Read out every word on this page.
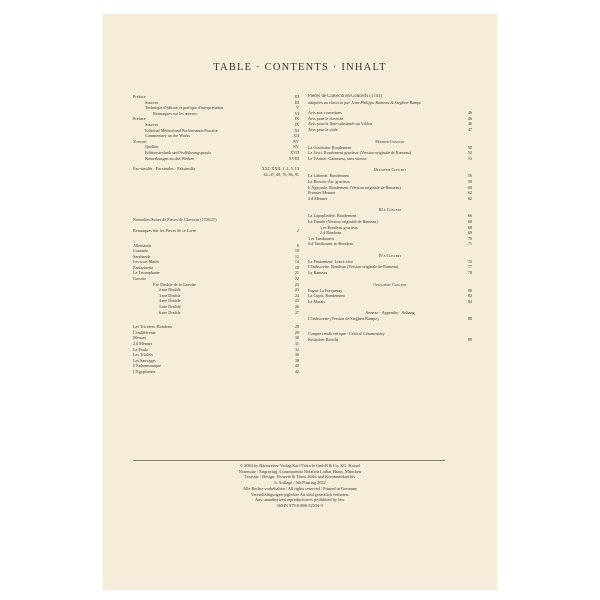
TABLE · CONTENTS · INHALT
Préface	III
Sources	III
Technique d'édition et pratique d'interprétation	V
Remarques sur les œuvres	VI
Preface	IX
Sources	IX
Editorial Method and Performance Practice	XI
Commentary on the Works	XII
Vorwort	XV
Quellen	XV
Editionstechnik und Aufführungspraxis	XVII
Bemerkungen zu den Werken	XVIII
Fac-similés · Facsimiles · Faksimilia	XXI, XXII, 1, 2, 5, 13
44–47, 49, 76, 86, 91
Nouvelles Suites de Pieces de Clavecin (1726/27)
Remarques Sur les Pieces de ce Livre	2
Allemande	6
Courante	10
Sarabande	12
Les trois Mains	14
Fanfarinette	18
La Triomphante	21
Gavotte	22
P.re Double de la Gavotte	23
2.me Double	23
3.me Double	24
4.me Double	25
5.me Double	26
6.me Double	27
Les Tricotets. Rondeau	28
L'indifférente	29
Menuet	30
2.d Menuet	31
La Poule	32
Les Triolets	36
Les Sauvages	38
L'Enharmonique	40
L'Egyptienne	42
Pieces de Clavecin en Concerts (1741)
adaptées au clavecin par Jean-Philippe Rameau & Siegbert Rampe
Avis aux concertans	46
Avis pour le clavecin	46
Avis pour la flute substituée au Violon	46
Avis pour la viole	47
Premier Concert
La Coulicam. Rondement	50
La Livri. Rondement gracieux (Version originale de Rameau)	52
Le Vézinet. Gaiement, sans vitesse	53
Deuxième Concert
La Laborde. Rondement	56
La Boucon-Air. gracieux	58
L'Agaçante. Rondement (Version originale de Rameau)	60
Premier Menuet	62
2.d Menuet	62
III.e Concert
La Lapoplinière. Rondement	66
La Timide (Version originale de Rameau)	68
1.er Rondeau gracieux	68
2.d Rondeau	69
1.er Tambourin	70
2.d Tambourin en Rondeau	71
IV.e Concert
La Pantomime. Loure vive	72
L'Indiscrette. Rondeau (Version originale de Rameau)	77
La Rameau	78
Cinquième Concert
Fugue La Forqueray	80
La Cupis. Rondement	82
La Marais	84
Annexe · Appendix · Anhang
L'Indiscrette (Version de Siegbert Rampe)	88
Compte rendu critique · Critical Commentary
Kritischer Bericht	89
© 2004 by Bärenreiter-Verlag Karl Vötterle GmbH & Co. KG, Kassel
Notensatz / Engraving: Consequentia Notation Lothar Haass, München
Textsatz / Design: Frowein & Team, Köln und Kommunikarchiv
6. Auflage / 6th Printing 2022
Alle Rechte vorbehalten / All rights reserved / Printed in Germany
Vervielfältigungen jeglicher Art sind gesetzlich verboten.
Any unauthorized reproduction is prohibited by law.
ISMN 979-0-006-52534-9
